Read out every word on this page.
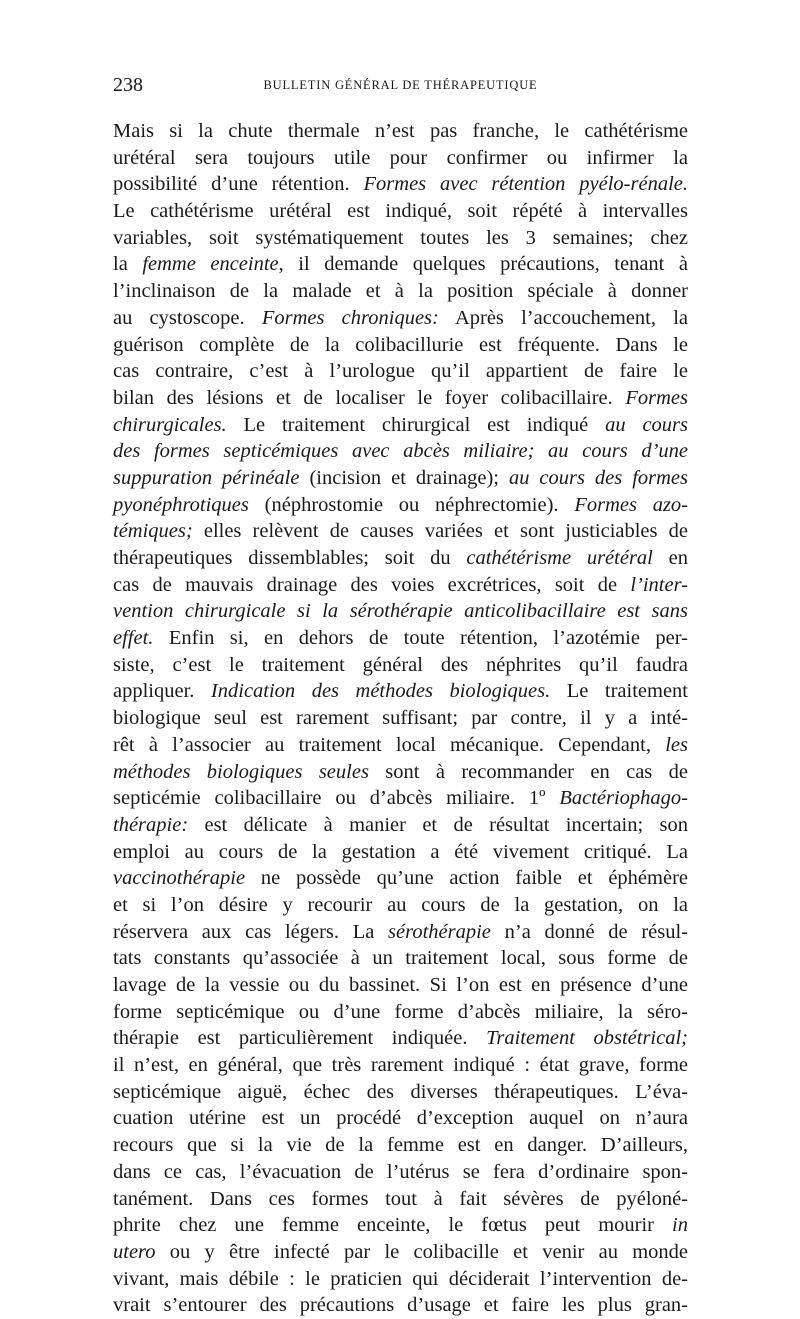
238	BULLETIN GÉNÉRAL DE THÉRAPEUTIQUE
Mais si la chute thermale n’est pas franche, le cathétérisme
urétéral sera toujours utile pour confirmer ou infirmer la
possibilité d’une rétention. Formes avec rétention pyélo-rénale.
Le cathétérisme urétéral est indiqué, soit répété à intervalles
variables, soit systématiquement toutes les 3 semaines; chez
la femme enceinte, il demande quelques précautions, tenant à
l’inclinaison de la malade et à la position spéciale à donner
au cystoscope. Formes chroniques: Après l’accouchement, la
guérison complète de la colibacillurie est fréquente. Dans le
cas contraire, c’est à l’urologue qu’il appartient de faire le
bilan des lésions et de localiser le foyer colibacillaire. Formes
chirurgicales. Le traitement chirurgical est indiqué au cours
des formes septicémiques avec abcès miliaire; au cours d’une
suppuration périnéale (incision et drainage); au cours des formes
pyonéphrotiques (néphrostomie ou néphrectomie). Formes azo-
témiques; elles relèvent de causes variées et sont justiciables de
thérapeutiques dissemblables; soit du cathétérisme urétéral en
cas de mauvais drainage des voies excrétrices, soit de l’inter-
vention chirurgicale si la sérothérapie anticolibacillaire est sans
effet. Enfin si, en dehors de toute rétention, l’azotémie per-
siste, c’est le traitement général des néphrites qu’il faudra
appliquer. Indication des méthodes biologiques. Le traitement
biologique seul est rarement suffisant; par contre, il y a inté-
rêt à l’associer au traitement local mécanique. Cependant, les
méthodes biologiques seules sont à recommander en cas de
septicémie colibacillaire ou d’abcès miliaire. 1º Bactériophago-
thérapie: est délicate à manier et de résultat incertain; son
emploi au cours de la gestation a été vivement critiqué. La
vaccinothérapie ne possède qu’une action faible et éphémère
et si l’on désire y recourir au cours de la gestation, on la
réservera aux cas légers. La sérothérapie n’a donné de résul-
tats constants qu’associée à un traitement local, sous forme de
lavage de la vessie ou du bassinet. Si l’on est en présence d’une
forme septicémique ou d’une forme d’abcès miliaire, la séro-
thérapie est particulièrement indiquée. Traitement obstétrical;
il n’est, en général, que très rarement indiqué : état grave, forme
septicémique aiguë, échec des diverses thérapeutiques. L’éva-
cuation utérine est un procédé d’exception auquel on n’aura
recours que si la vie de la femme est en danger. D’ailleurs,
dans ce cas, l’évacuation de l’utérus se fera d’ordinaire spon-
tanément. Dans ces formes tout à fait sévères de pyéloné-
phrite chez une femme enceinte, le fœtus peut mourir in
utero ou y être infecté par le colibacille et venir au monde
vivant, mais débile : le praticien qui déciderait l’intervention de-
vrait s’entourer des précautions d’usage et faire les plus gran-
